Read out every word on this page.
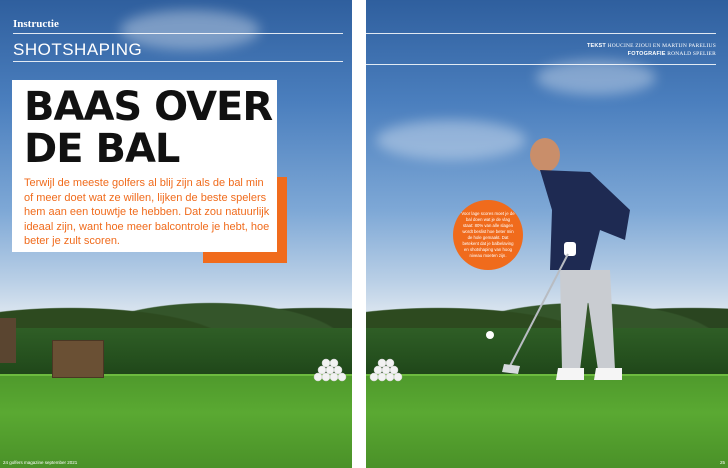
Instructie
SHOTSHAPING
BAAS OVER
DE BAL

Terwijl de meeste golfers al blij zijn als de bal min of meer doet wat ze willen, lijken de beste spelers hem aan een touwtje te hebben. Dat zou natuurlijk ideaal zijn, want hoe meer balcontrole je hebt, hoe beter je zult scoren.

24 golfers magazine september 2021
TEKST HOUCINE ZIOUI EN MARTIJN PARELIUS
FOTOGRAFIE RONALD SPELIER
25
Voor lage scores moet je de bal doen wat je de vlag staat: 80% van alle slagen wordt beslist hoe beter min de hole gemaakt. Dat betekent dat je balbelaving en shotshaping van hoog niveau moeten zijn.
